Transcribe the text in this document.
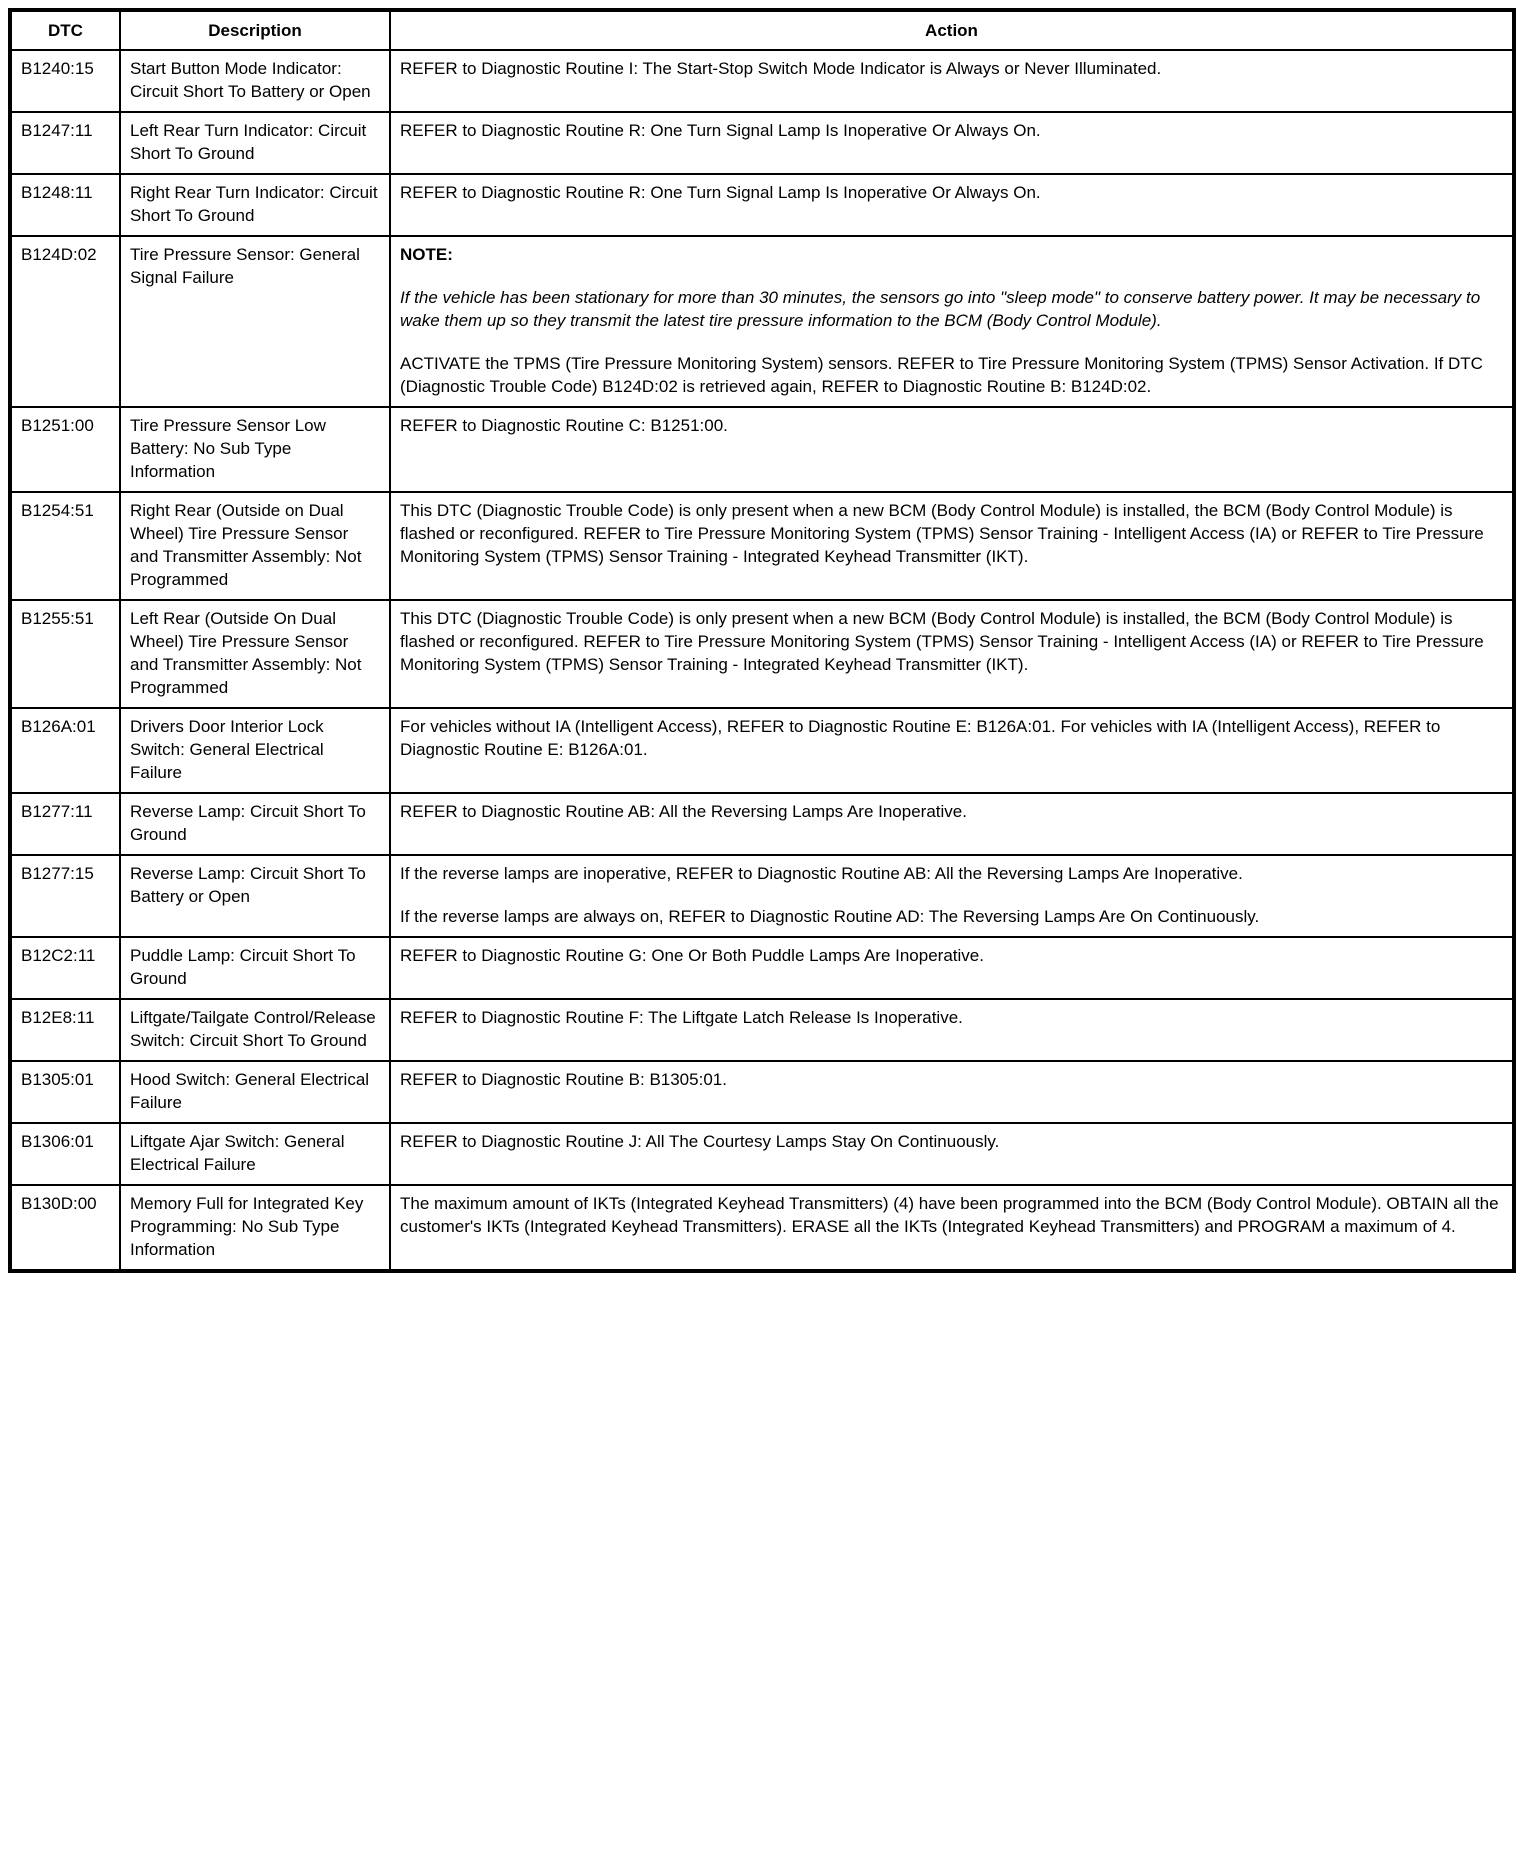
DTC	Description	Action
B1240:15	Start Button Mode Indicator: Circuit Short To Battery or Open	REFER to Diagnostic Routine I: The Start-Stop Switch Mode Indicator is Always or Never Illuminated.

B1247:11	Left Rear Turn Indicator: Circuit Short To Ground	REFER to Diagnostic Routine R: One Turn Signal Lamp Is Inoperative Or Always On.

B1248:11	Right Rear Turn Indicator: Circuit Short To Ground	REFER to Diagnostic Routine R: One Turn Signal Lamp Is Inoperative Or Always On.

B124D:02	Tire Pressure Sensor: General Signal Failure	NOTE:

If the vehicle has been stationary for more than 30 minutes, the sensors go into "sleep mode" to conserve battery power. It may be necessary to wake them up so they transmit the latest tire pressure information to the BCM (Body Control Module).

ACTIVATE the TPMS (Tire Pressure Monitoring System) sensors. REFER to Tire Pressure Monitoring System (TPMS) Sensor Activation. If DTC (Diagnostic Trouble Code) B124D:02 is retrieved again, REFER to Diagnostic Routine B: B124D:02.

B1251:00	Tire Pressure Sensor Low Battery: No Sub Type Information	REFER to Diagnostic Routine C: B1251:00.

B1254:51	Right Rear (Outside on Dual Wheel) Tire Pressure Sensor and Transmitter Assembly: Not Programmed	This DTC (Diagnostic Trouble Code) is only present when a new BCM (Body Control Module) is installed, the BCM (Body Control Module) is flashed or reconfigured. REFER to Tire Pressure Monitoring System (TPMS) Sensor Training - Intelligent Access (IA) or REFER to Tire Pressure Monitoring System (TPMS) Sensor Training - Integrated Keyhead Transmitter (IKT).

B1255:51	Left Rear (Outside On Dual Wheel) Tire Pressure Sensor and Transmitter Assembly: Not Programmed	This DTC (Diagnostic Trouble Code) is only present when a new BCM (Body Control Module) is installed, the BCM (Body Control Module) is flashed or reconfigured. REFER to Tire Pressure Monitoring System (TPMS) Sensor Training - Intelligent Access (IA) or REFER to Tire Pressure Monitoring System (TPMS) Sensor Training - Integrated Keyhead Transmitter (IKT).

B126A:01	Drivers Door Interior Lock Switch: General Electrical Failure	For vehicles without IA (Intelligent Access), REFER to Diagnostic Routine E: B126A:01. For vehicles with IA (Intelligent Access), REFER to Diagnostic Routine E: B126A:01.

B1277:11	Reverse Lamp: Circuit Short To Ground	REFER to Diagnostic Routine AB: All the Reversing Lamps Are Inoperative.

B1277:15	Reverse Lamp: Circuit Short To Battery or Open	If the reverse lamps are inoperative, REFER to Diagnostic Routine AB: All the Reversing Lamps Are Inoperative.

If the reverse lamps are always on, REFER to Diagnostic Routine AD: The Reversing Lamps Are On Continuously.

B12C2:11	Puddle Lamp: Circuit Short To Ground	REFER to Diagnostic Routine G: One Or Both Puddle Lamps Are Inoperative.

B12E8:11	Liftgate/Tailgate Control/Release Switch: Circuit Short To Ground	REFER to Diagnostic Routine F: The Liftgate Latch Release Is Inoperative.

B1305:01	Hood Switch: General Electrical Failure	REFER to Diagnostic Routine B: B1305:01.

B1306:01	Liftgate Ajar Switch: General Electrical Failure	REFER to Diagnostic Routine J: All The Courtesy Lamps Stay On Continuously.

B130D:00	Memory Full for Integrated Key Programming: No Sub Type Information	The maximum amount of IKTs (Integrated Keyhead Transmitters) (4) have been programmed into the BCM (Body Control Module). OBTAIN all the customer's IKTs (Integrated Keyhead Transmitters). ERASE all the IKTs (Integrated Keyhead Transmitters) and PROGRAM a maximum of 4.
